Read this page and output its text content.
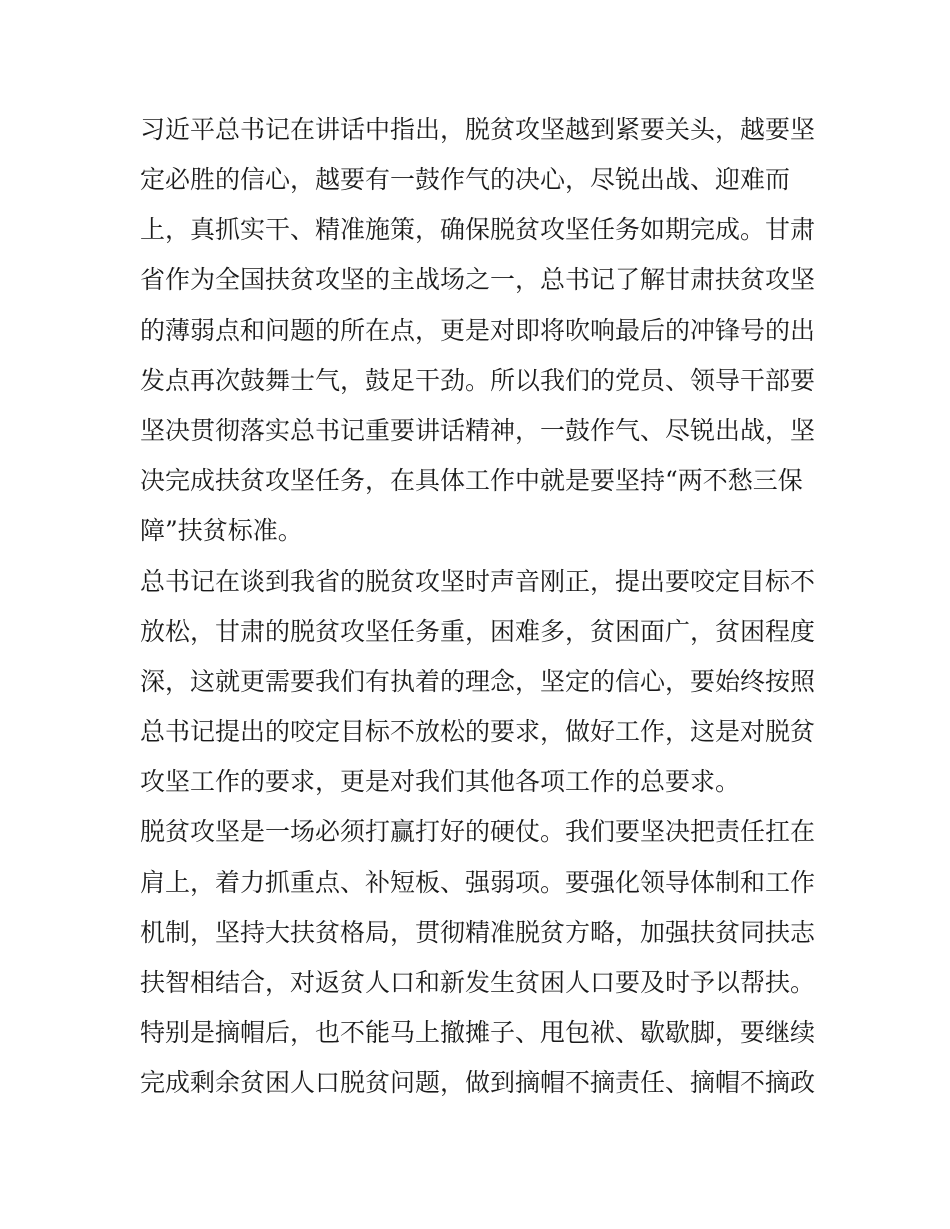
习近平总书记在讲话中指出，脱贫攻坚越到紧要关头，越要坚
定必胜的信心，越要有一鼓作气的决心，尽锐出战、迎难而
上，真抓实干、精准施策，确保脱贫攻坚任务如期完成。甘肃
省作为全国扶贫攻坚的主战场之一，总书记了解甘肃扶贫攻坚
的薄弱点和问题的所在点，更是对即将吹响最后的冲锋号的出
发点再次鼓舞士气，鼓足干劲。所以我们的党员、领导干部要
坚决贯彻落实总书记重要讲话精神，一鼓作气、尽锐出战，坚
决完成扶贫攻坚任务，在具体工作中就是要坚持“两不愁三保
障”扶贫标准。
总书记在谈到我省的脱贫攻坚时声音刚正，提出要咬定目标不
放松，甘肃的脱贫攻坚任务重，困难多，贫困面广，贫困程度
深，这就更需要我们有执着的理念，坚定的信心，要始终按照
总书记提出的咬定目标不放松的要求，做好工作，这是对脱贫
攻坚工作的要求，更是对我们其他各项工作的总要求。
脱贫攻坚是一场必须打赢打好的硬仗。我们要坚决把责任扛在
肩上，着力抓重点、补短板、强弱项。要强化领导体制和工作
机制，坚持大扶贫格局，贯彻精准脱贫方略，加强扶贫同扶志
扶智相结合，对返贫人口和新发生贫困人口要及时予以帮扶。
特别是摘帽后，也不能马上撤摊子、甩包袱、歇歇脚，要继续
完成剩余贫困人口脱贫问题，做到摘帽不摘责任、摘帽不摘政
